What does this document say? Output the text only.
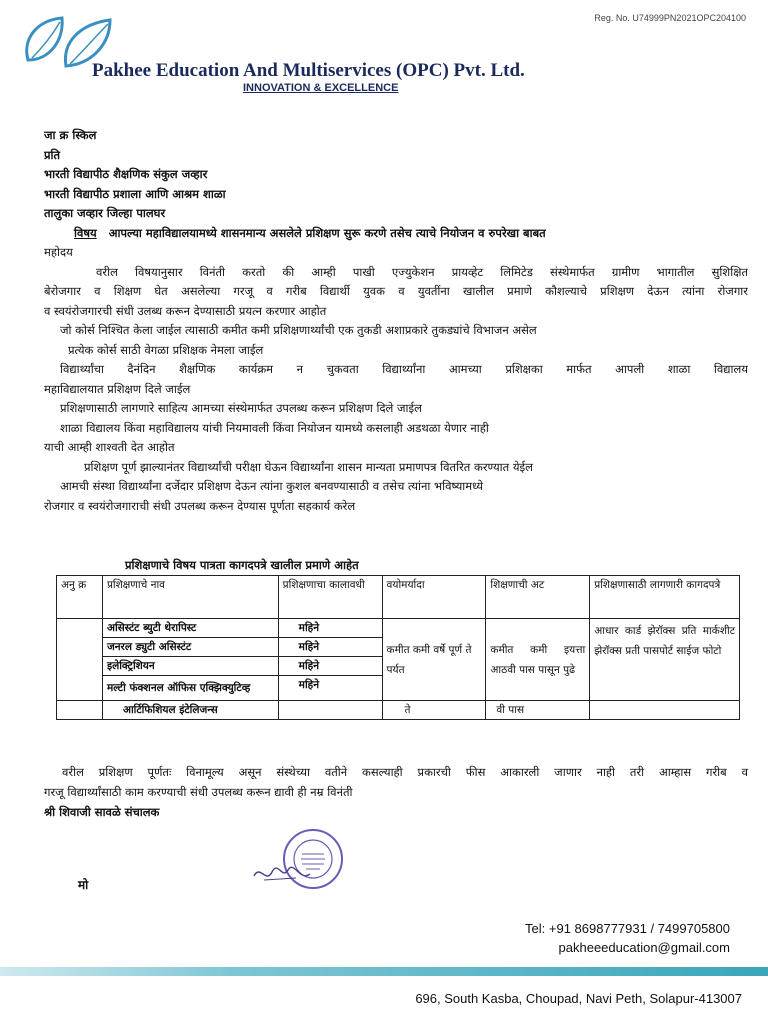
Reg. No. U74999PN2021OPC204100
Pakhee Education And Multiservices (OPC) Pvt. Ltd.
INNOVATION & EXCELLENCE
जा क्र स्किल
प्रति
भारती विद्यापीठ शैक्षणिक संकुल जव्हार
भारती विद्यापीठ प्रशाला आणि आश्रम शाळा
तालुका जव्हार जिल्हा पालघर
विषय आपल्या महाविद्यालयामध्ये शासनमान्य असलेले प्रशिक्षण सुरू करणे तसेच त्याचे नियोजन व रुपरेखा बाबत
महोदय
वरील विषयानुसार विनंती करतो की आम्ही पाखी एज्युकेशन प्रायव्हेट लिमिटेड संस्थेमार्फत ग्रामीण भागातील सुशिक्षित
बेरोजगार व शिक्षण घेत असलेल्या गरजू व गरीब विद्यार्थी युवक व युवतींना खालील प्रमाणे कौशल्याचे प्रशिक्षण देऊन त्यांना रोजगार
व स्वयंरोजगारची संधी उलब्ध करून देण्यासाठी प्रयत्न करणार आहोत
जो कोर्स निश्चित केला जाईल त्यासाठी कमीत कमी प्रशिक्षणार्थ्यांची एक तुकडी अशाप्रकारे तुकड्यांचे विभाजन असेल
प्रत्येक कोर्स साठी वेगळा प्रशिक्षक नेमला जाईल
विद्यार्थ्यांचा दैनंदिन शैक्षणिक कार्यक्रम न चुकवता विद्यार्थ्यांना आमच्या प्रशिक्षका मार्फत आपली शाळा विद्यालय
महाविद्यालयात प्रशिक्षण दिले जाईल
प्रशिक्षणासाठी लागणारे साहित्य आमच्या संस्थेमार्फत उपलब्ध करून प्रशिक्षण दिले जाईल
शाळा विद्यालय किंवा महाविद्यालय यांची नियमावली किंवा नियोजन यामध्ये कसलाही अडथळा येणार नाही
याची आम्ही शाश्वती देत आहोत
प्रशिक्षण पूर्ण झाल्यानंतर विद्यार्थ्यांची परीक्षा घेऊन विद्यार्थ्यांना शासन मान्यता प्रमाणपत्र वितरित करण्यात येईल
आमची संस्था विद्यार्थ्यांना दर्जेदार प्रशिक्षण देऊन त्यांना कुशल बनवण्यासाठी व तसेच त्यांना भविष्यामध्ये
रोजगार व स्वयंरोजगाराची संधी उपलब्ध करून देण्यास पूर्णता सहकार्य करेल
प्रशिक्षणाचे विषय पात्रता कागदपत्रे खालील प्रमाणे आहेत
अनु क्र	प्रशिक्षणाचे नाव	प्रशिक्षणाचा कालावधी	वयोमर्यादा	शिक्षणाची अट	प्रशिक्षणासाठी लागणारी कागदपत्रे
	असिस्टंट ब्युटी थेरापिस्ट	महिने	कमीत कमी वर्षे पूर्ण ते पर्यत	कमीत कमी इयत्ता आठवी पास पासून पुढे	आधार कार्ड झेरॉक्स प्रति मार्कशीट झेरॉक्स प्रती पासपोर्ट साईज फोटो
	जनरल ड्युटी असिस्टंट	महिने			
	इलेक्ट्रिशियन	महिने			
	मल्टी फंक्शनल ऑफिस एक्झिक्युटिव्ह	महिने			
	आर्टिफिशियल इंटेलिजन्स		ते	वी पास	
वरील प्रशिक्षण पूर्णतः विनामूल्य असून संस्थेच्या वतीने कसल्याही प्रकारची फीस आकारली जाणार नाही तरी आम्हास गरीब व
गरजू विद्यार्थ्यांसाठी काम करण्याची संधी उपलब्ध करून द्यावी ही नम्र विनंती
श्री शिवाजी सावळे संचालक
मो
Tel: +91 8698777931 / 7499705800
pakheeeducation@gmail.com
696, South Kasba, Choupad, Navi Peth, Solapur-413007
